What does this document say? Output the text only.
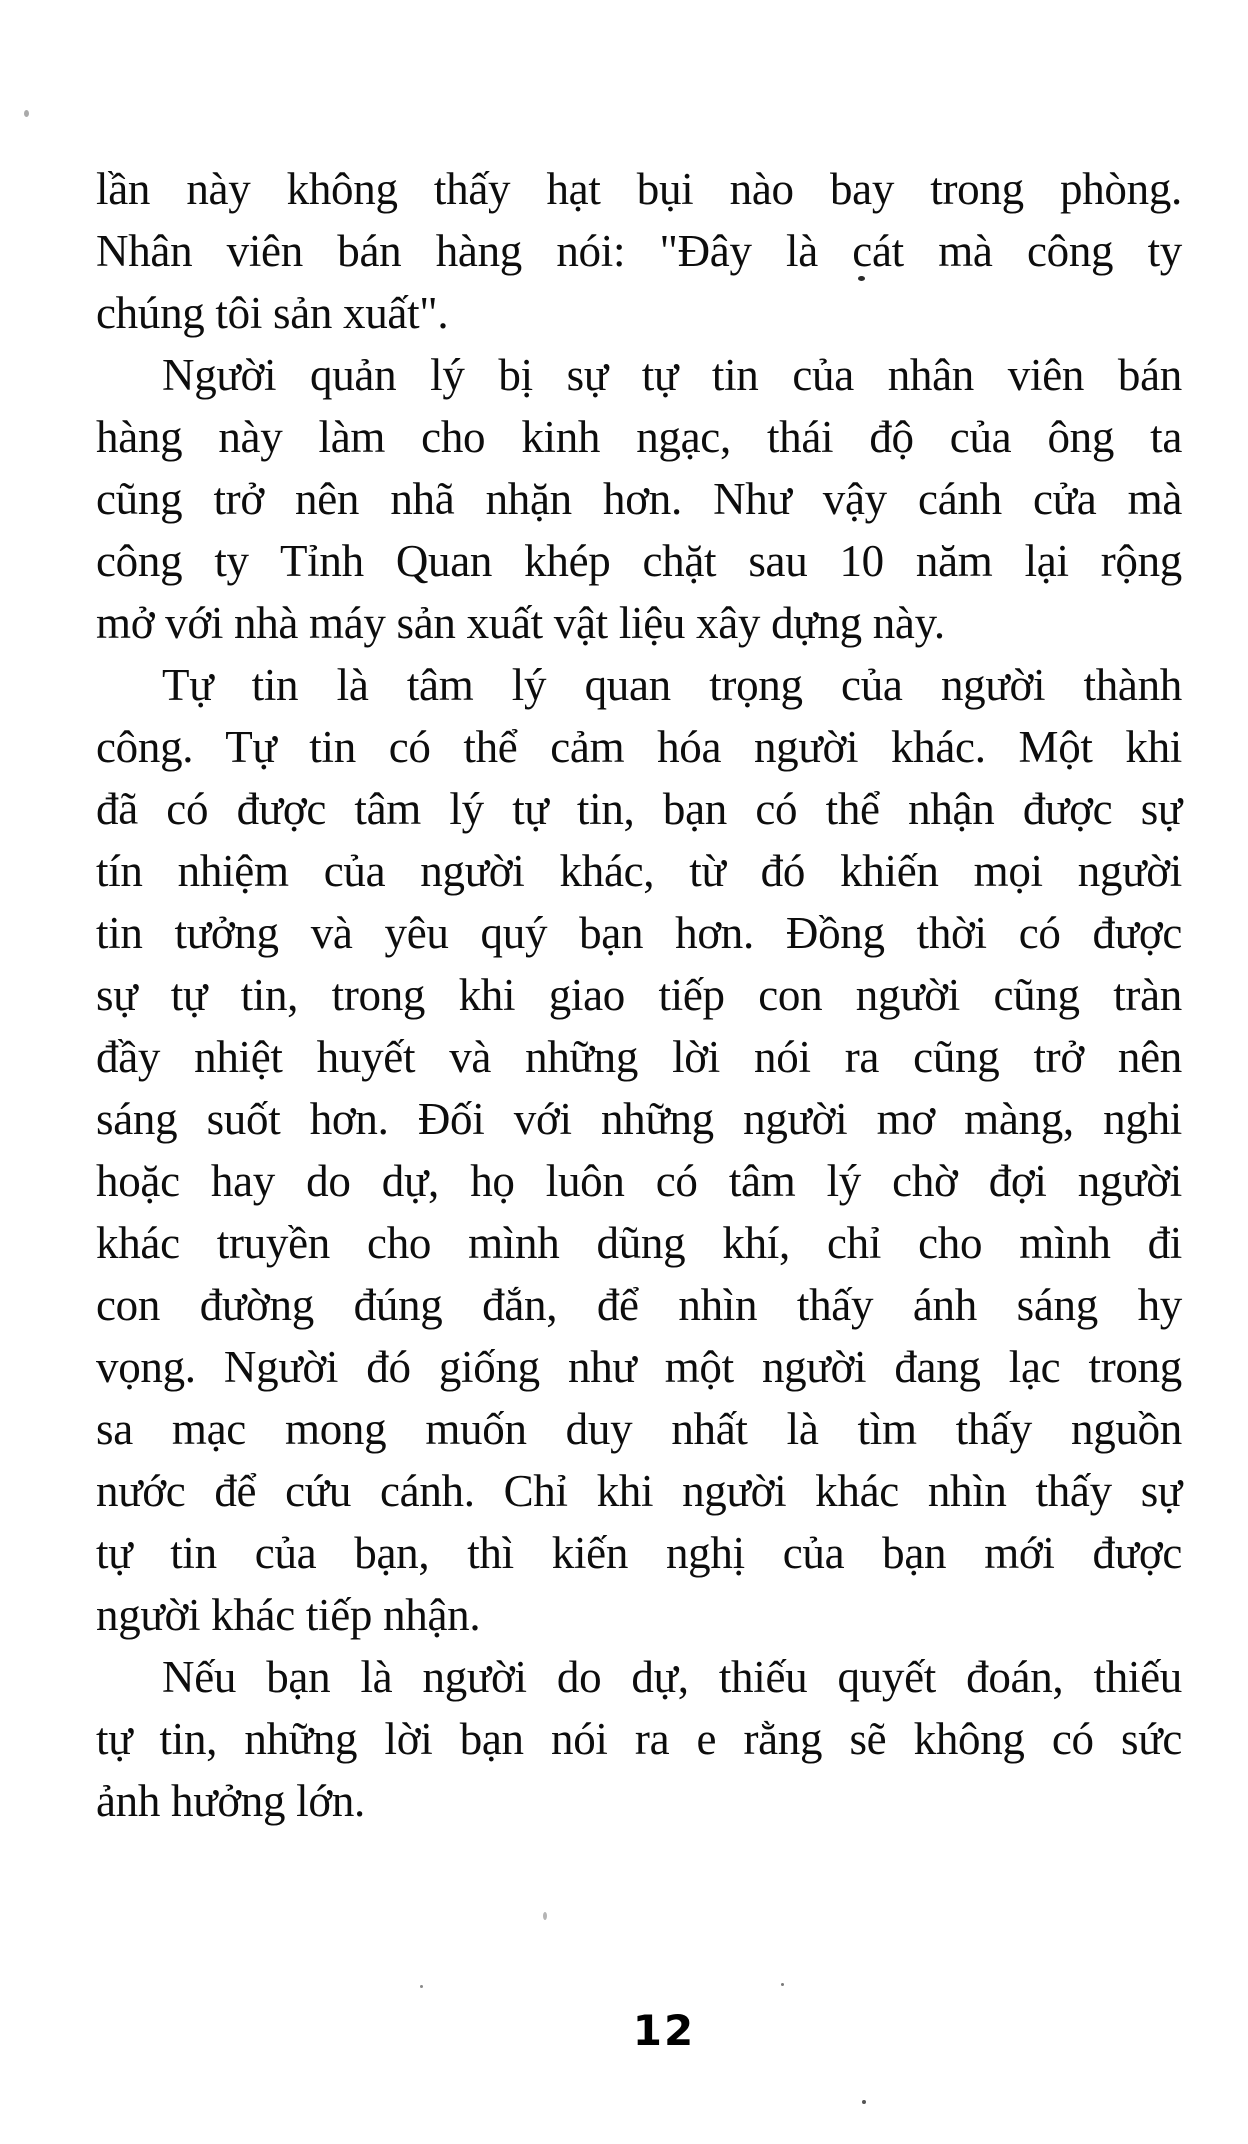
lần này không thấy hạt bụi nào bay trong phòng.
Nhân viên bán hàng nói: "Đây là cát mà công ty
chúng tôi sản xuất".

Người quản lý bị sự tự tin của nhân viên bán
hàng này làm cho kinh ngạc, thái độ của ông ta
cũng trở nên nhã nhặn hơn. Như vậy cánh cửa mà
công ty Tỉnh Quan khép chặt sau 10 năm lại rộng
mở với nhà máy sản xuất vật liệu xây dựng này.

Tự tin là tâm lý quan trọng của người thành
công. Tự tin có thể cảm hóa người khác. Một khi
đã có được tâm lý tự tin, bạn có thể nhận được sự
tín nhiệm của người khác, từ đó khiến mọi người
tin tưởng và yêu quý bạn hơn. Đồng thời có được
sự tự tin, trong khi giao tiếp con người cũng tràn
đầy nhiệt huyết và những lời nói ra cũng trở nên
sáng suốt hơn. Đối với những người mơ màng, nghi
hoặc hay do dự, họ luôn có tâm lý chờ đợi người
khác truyền cho mình dũng khí, chỉ cho mình đi
con đường đúng đắn, để nhìn thấy ánh sáng hy
vọng. Người đó giống như một người đang lạc trong
sa mạc mong muốn duy nhất là tìm thấy nguồn
nước để cứu cánh. Chỉ khi người khác nhìn thấy sự
tự tin của bạn, thì kiến nghị của bạn mới được
người khác tiếp nhận.

Nếu bạn là người do dự, thiếu quyết đoán, thiếu
tự tin, những lời bạn nói ra e rằng sẽ không có sức
ảnh hưởng lớn.

12
